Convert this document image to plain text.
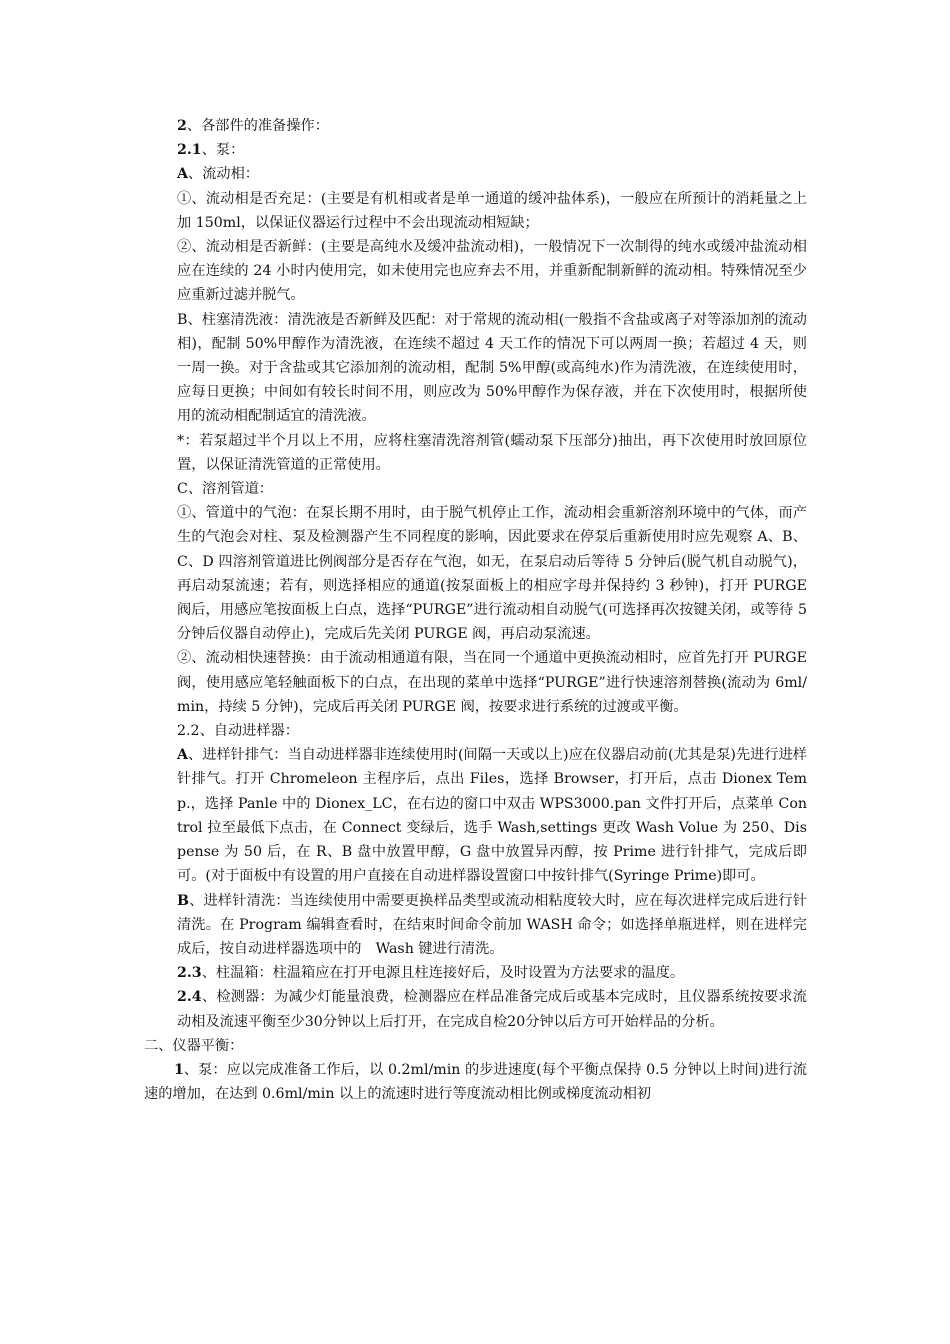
2、各部件的准备操作：

2.1、泵：

A、流动相：

①、流动相是否充足：(主要是有机相或者是单一通道的缓冲盐体系)，一般应在所预计的消耗量之上加 150ml，以保证仪器运行过程中不会出现流动相短缺；

②、流动相是否新鲜：(主要是高纯水及缓冲盐流动相)，一般情况下一次制得的纯水或缓冲盐流动相应在连续的 24 小时内使用完，如未使用完也应弃去不用，并重新配制新鲜的流动相。特殊情况至少应重新过滤并脱气。

B、柱塞清洗液：清洗液是否新鲜及匹配：对于常规的流动相(一般指不含盐或离子对等添加剂的流动相)，配制 50%甲醇作为清洗液，在连续不超过 4 天工作的情况下可以两周一换；若超过 4 天，则一周一换。对于含盐或其它添加剂的流动相，配制 5%甲醇(或高纯水)作为清洗液，在连续使用时，应每日更换；中间如有较长时间不用，则应改为 50%甲醇作为保存液，并在下次使用时，根据所使用的流动相配制适宜的清洗液。

*：若泵超过半个月以上不用，应将柱塞清洗溶剂管(蠕动泵下压部分)抽出，再下次使用时放回原位置，以保证清洗管道的正常使用。

C、溶剂管道：

①、管道中的气泡：在泵长期不用时，由于脱气机停止工作，流动相会重新溶剂环境中的气体，而产生的气泡会对柱、泵及检测器产生不同程度的影响，因此要求在停泵后重新使用时应先观察 A、B、C、D 四溶剂管道进比例阀部分是否存在气泡，如无，在泵启动后等待 5 分钟后(脱气机自动脱气)，再启动泵流速；若有，则选择相应的通道(按泵面板上的相应字母并保持约 3 秒钟)，打开 PURGE 阀后，用感应笔按面板上白点，选择“PURGE”进行流动相自动脱气(可选择再次按键关闭，或等待 5 分钟后仪器自动停止)，完成后先关闭 PURGE 阀，再启动泵流速。

②、流动相快速替换：由于流动相通道有限，当在同一个通道中更换流动相时，应首先打开 PURGE 阀，使用感应笔轻触面板下的白点，在出现的菜单中选择“PURGE”进行快速溶剂替换(流动为 6ml/min，持续 5 分钟)，完成后再关闭 PURGE 阀，按要求进行系统的过渡或平衡。

2.2、自动进样器：

A、进样针排气：当自动进样器非连续使用时(间隔一天或以上)应在仪器启动前(尤其是泵)先进行进样针排气。打开 Chromeleon 主程序后，点出 Files，选择 Browser，打开后，点击 Dionex Temp.，选择 Panle 中的 Dionex_LC，在右边的窗口中双击 WPS3000.pan 文件打开后，点菜单 Control 拉至最低下点击，在 Connect 变绿后，选手 Wash,settings 更改 Wash Volue 为 250、Dispense 为 50 后，在 R、B 盘中放置甲醇，G 盘中放置异丙醇，按 Prime 进行针排气，完成后即可。(对于面板中有设置的用户直接在自动进样器设置窗口中按针排气(Syringe Prime)即可。

B、进样针清洗：当连续使用中需要更换样品类型或流动相粘度较大时，应在每次进样完成后进行针清洗。在 Program 编辑查看时，在结束时间命令前加 WASH 命令；如选择单瓶进样，则在进样完成后，按自动进样器选项中的　Wash 键进行清洗。

2.3、柱温箱：柱温箱应在打开电源且柱连接好后，及时设置为方法要求的温度。

2.4、检测器：为减少灯能量浪费，检测器应在样品准备完成后或基本完成时，且仪器系统按要求流动相及流速平衡至少30分钟以上后打开，在完成自检20分钟以后方可开始样品的分析。

二、仪器平衡：

1、泵：应以完成准备工作后，以 0.2ml/min 的步进速度(每个平衡点保持 0.5 分钟以上时间)进行流速的增加，在达到 0.6ml/min 以上的流速时进行等度流动相比例或梯度流动相初
